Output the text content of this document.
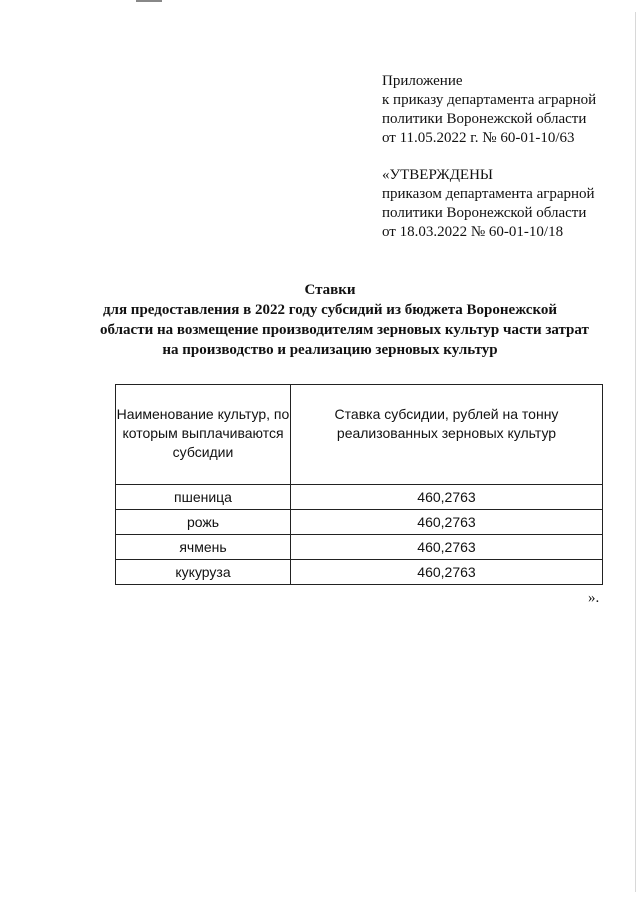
Приложение
к приказу департамента аграрной
политики Воронежской области
от 11.05.2022 г. № 60-01-10/63
«УТВЕРЖДЕНЫ
приказом департамента аграрной
политики Воронежской области
от 18.03.2022 № 60-01-10/18
Ставки
для предоставления в 2022 году субсидий из бюджета Воронежской
области на возмещение производителям зерновых культур части затрат
на производство и реализацию зерновых культур
Наименование культур, по которым выплачиваются субсидии	Ставка субсидии, рублей на тонну реализованных зерновых культур
пшеница	460,2763
рожь	460,2763
ячмень	460,2763
кукуруза	460,2763
».
